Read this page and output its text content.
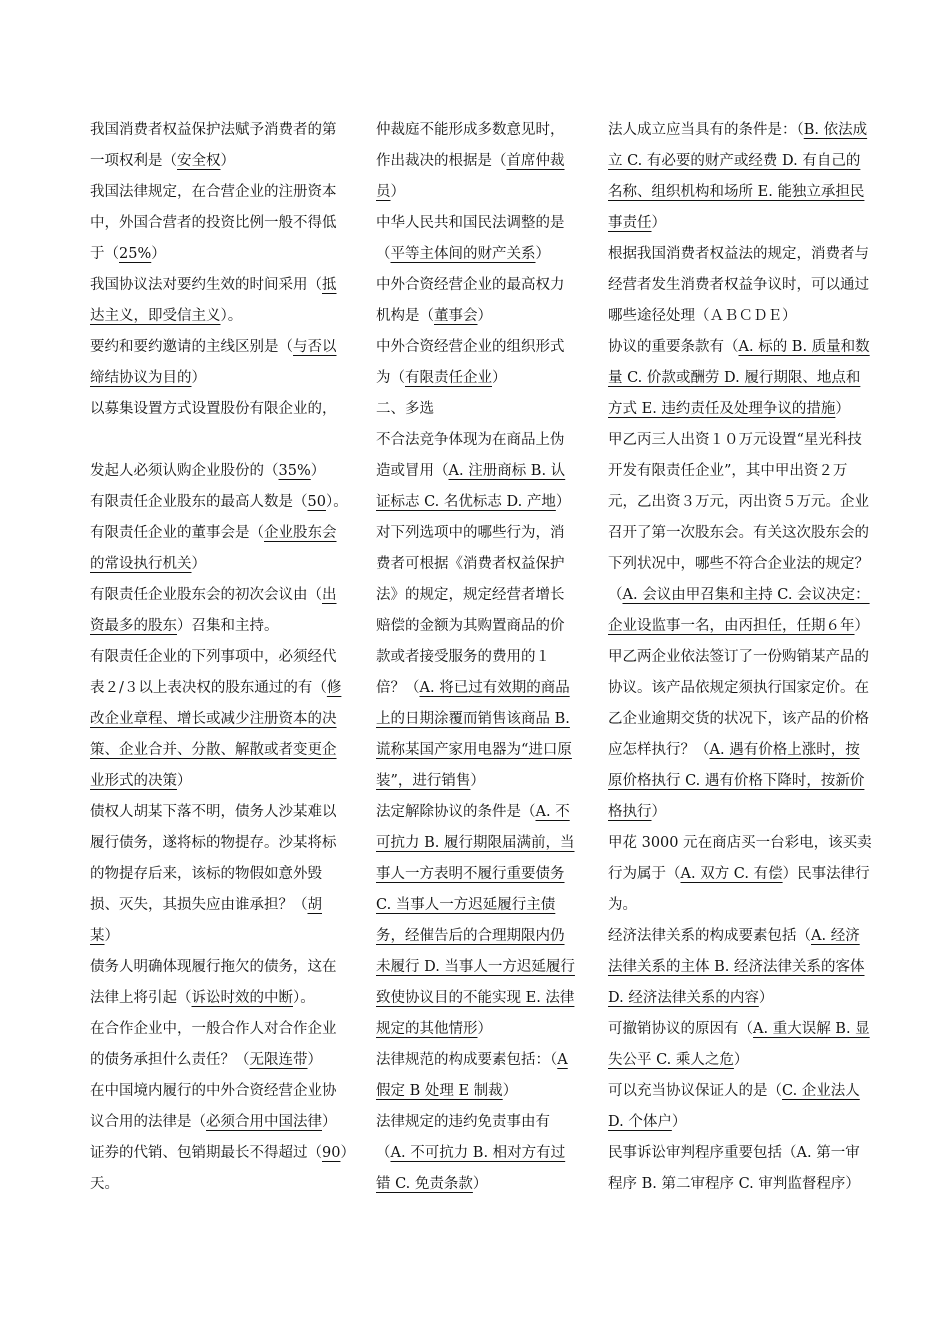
我国消费者权益保护法赋予消费者的第一项权利是（安全权）

我国法律规定，在合营企业的注册资本中，外国合营者的投资比例一般不得低于（25%）

我国协议法对要约生效的时间采用（抵达主义，即受信主义）。

要约和要约邀请的主线区别是（与否以缔结协议为目的）

以募集设置方式设置股份有限企业的，

发起人必须认购企业股份的（35%）

有限责任企业股东的最高人数是（50）。

有限责任企业的董事会是（企业股东会的常设执行机关）

有限责任企业股东会的初次会议由（出资最多的股东）召集和主持。

有限责任企业的下列事项中，必须经代表２/３以上表决权的股东通过的有（修改企业章程、增长或减少注册资本的决策、企业合并、分散、解散或者变更企业形式的决策）

债权人胡某下落不明，债务人沙某难以履行债务，遂将标的物提存。沙某将标的物提存后来，该标的物假如意外毁损、灭失，其损失应由谁承担？（胡某）

债务人明确体现履行拖欠的债务，这在法律上将引起（诉讼时效的中断）。

在合作企业中，一般合作人对合作企业的债务承担什么责任？（无限连带）

在中国境内履行的中外合资经营企业协议合用的法律是（必须合用中国法律）

证券的代销、包销期最长不得超过（90）天。

仲裁庭不能形成多数意见时，作出裁决的根据是（首席仲裁员）

中华人民共和国民法调整的是（平等主体间的财产关系）

中外合资经营企业的最高权力机构是（董事会）

中外合资经营企业的组织形式为（有限责任企业）

二、多选

不合法竞争体现为在商品上伪造或冒用（A. 注册商标 B. 认证标志 C. 名优标志 D. 产地）

对下列选项中的哪些行为，消费者可根据《消费者权益保护法》的规定，规定经营者增长赔偿的金额为其购置商品的价款或者接受服务的费用的１倍？（A. 将已过有效期的商品上的日期涂覆而销售该商品 B. 谎称某国产家用电器为“进口原装”，进行销售）

法定解除协议的条件是（A. 不可抗力 B. 履行期限届满前，当事人一方表明不履行重要债务 C. 当事人一方迟延履行主债务，经催告后的合理期限内仍未履行 D. 当事人一方迟延履行致使协议目的不能实现 E. 法律规定的其他情形）

法律规范的构成要素包括：（A 假定 B 处理 E 制裁）

法律规定的违约免责事由有（A. 不可抗力 B. 相对方有过错 C. 免责条款）

法人成立应当具有的条件是：（B. 依法成立 C. 有必要的财产或经费 D. 有自己的名称、组织机构和场所 E. 能独立承担民事责任）

根据我国消费者权益法的规定，消费者与经营者发生消费者权益争议时，可以通过哪些途径处理（ＡＢＣＤＥ）

协议的重要条款有（A. 标的 B. 质量和数量 C. 价款或酬劳 D. 履行期限、地点和方式 E. 违约责任及处理争议的措施）

甲乙丙三人出资１０万元设置“星光科技开发有限责任企业”，其中甲出资２万元，乙出资３万元，丙出资５万元。企业召开了第一次股东会。有关这次股东会的下列状况中，哪些不符合企业法的规定？（A. 会议由甲召集和主持 C. 会议决定：企业设监事一名，由丙担任，任期６年）

甲乙两企业依法签订了一份购销某产品的协议。该产品依规定须执行国家定价。在乙企业逾期交货的状况下，该产品的价格应怎样执行？（A. 遇有价格上涨时，按原价格执行 C. 遇有价格下降时，按新价格执行）

甲花 3000 元在商店买一台彩电，该买卖行为属于（A. 双方 C. 有偿）民事法律行为。

经济法律关系的构成要素包括（A. 经济法律关系的主体 B. 经济法律关系的客体 D. 经济法律关系的内容）

可撤销协议的原因有（A. 重大误解 B. 显失公平 C. 乘人之危）

可以充当协议保证人的是（C. 企业法人 D. 个体户）

民事诉讼审判程序重要包括（A. 第一审程序 B. 第二审程序 C. 审判监督程序）
